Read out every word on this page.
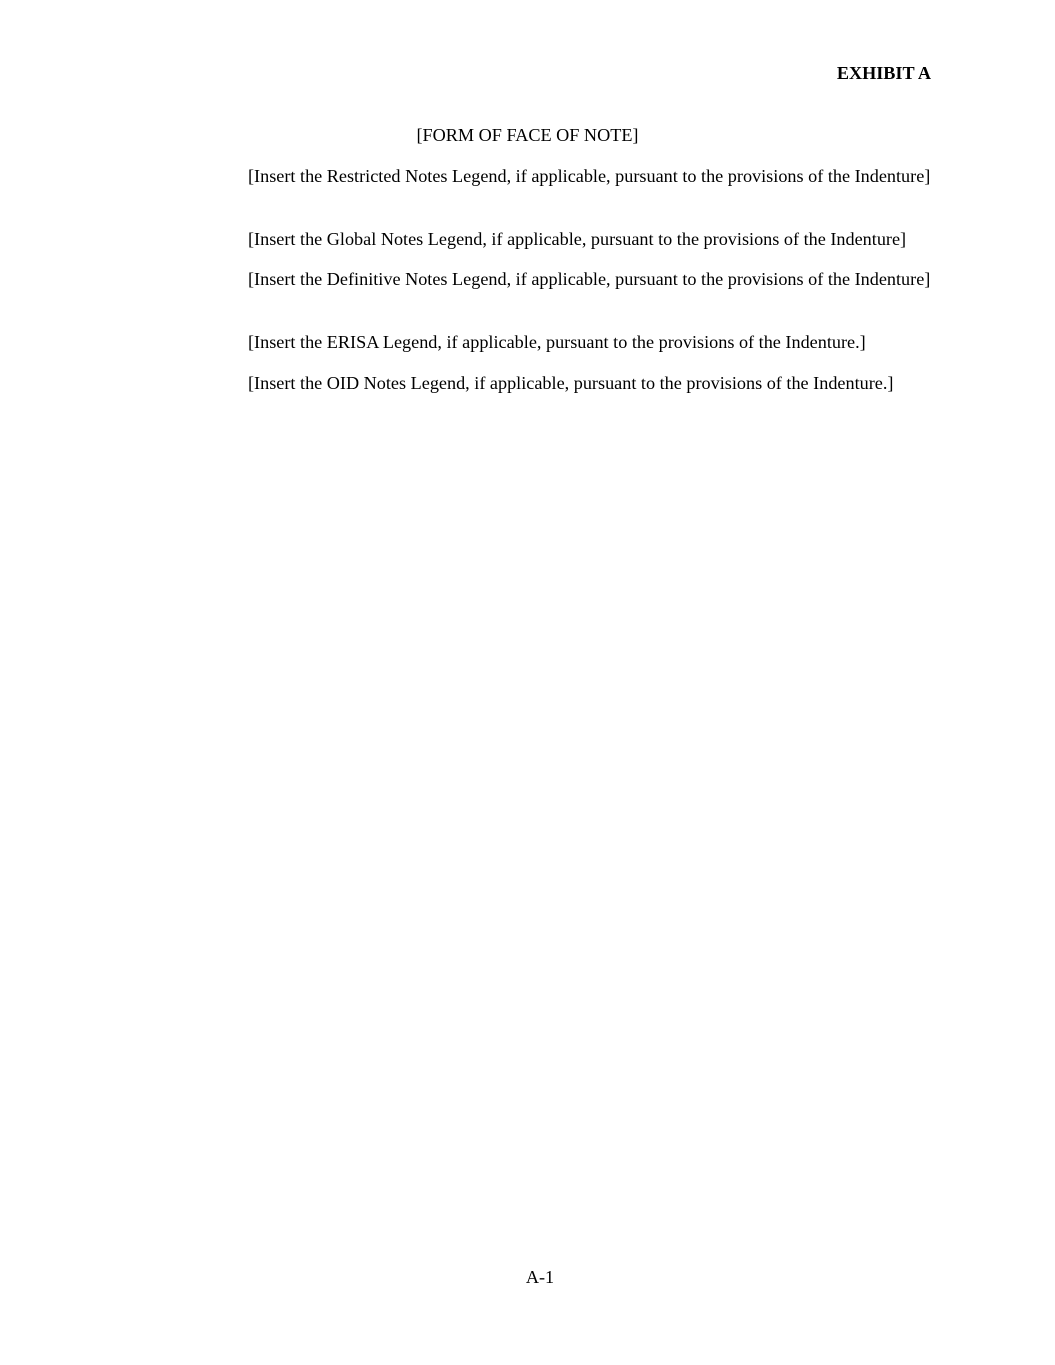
EXHIBIT A
[FORM OF FACE OF NOTE]

[Insert the Restricted Notes Legend, if applicable, pursuant to the provisions of the Indenture]

[Insert the Global Notes Legend, if applicable, pursuant to the provisions of the Indenture]

[Insert the Definitive Notes Legend, if applicable, pursuant to the provisions of the Indenture]

[Insert the ERISA Legend, if applicable, pursuant to the provisions of the Indenture.]

[Insert the OID Notes Legend, if applicable, pursuant to the provisions of the Indenture.]

A-1
